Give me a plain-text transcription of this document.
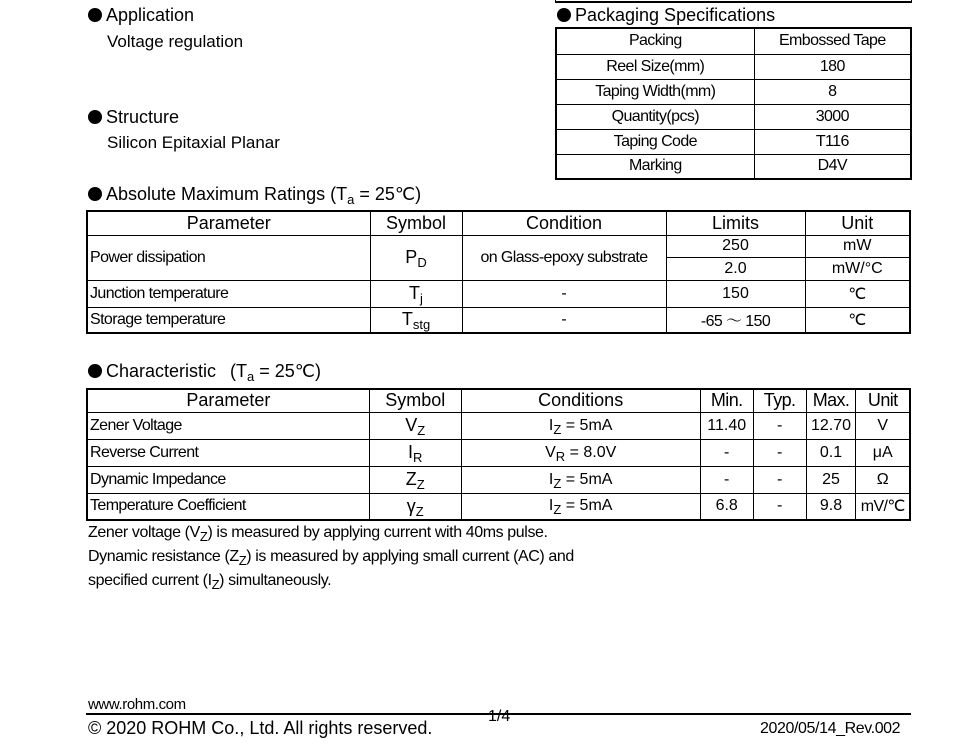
Application
Voltage regulation
Structure
Silicon Epitaxial Planar
Packaging Specifications
Packing	Embossed Tape
Reel Size(mm)	180
Taping Width(mm)	8
Quantity(pcs)	3000
Taping Code	T116
Marking	D4V
Absolute Maximum Ratings ($T_a$ = 25℃)
Parameter	Symbol	Condition	Limits	Unit
Power dissipation	$P_D$	on Glass-epoxy substrate	250	mW
			2.0	mW/°C
Junction temperature	$T_j$	-	150	℃
Storage temperature	$T_{stg}$	-	-65 ～ 150	℃
Characteristic ($T_a$ = 25℃)
Parameter	Symbol	Conditions	Min.	Typ.	Max.	Unit
Zener Voltage	$V_Z$	$I_Z = 5mA$	11.40	-	12.70	V
Reverse Current	$I_R$	$V_R = 8.0V$	-	-	0.1	μA
Dynamic Impedance	$Z_Z$	$I_Z = 5mA$	-	-	25	Ω
Temperature Coefficient	$\gamma_Z$	$I_Z = 5mA$	6.8	-	9.8	mV/℃
Zener voltage $(V_Z)$ is measured by applying current with 40ms pulse.
Dynamic resistance $(Z_Z)$ is measured by applying small current (AC) and
specified current $(I_Z)$ simultaneously.
www.rohm.com
© 2020 ROHM Co., Ltd. All rights reserved.
1/4
2020/05/14_Rev.002
